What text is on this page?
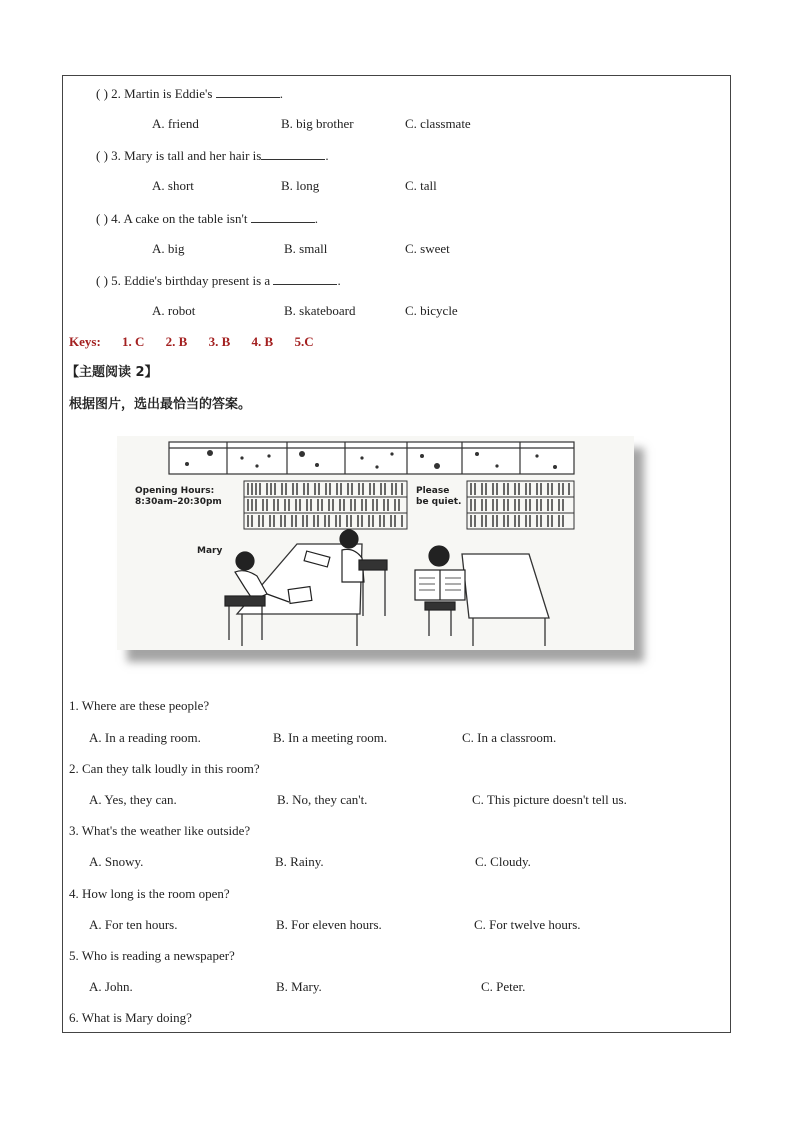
( ) 2. Martin is Eddie's	.
A. friend	B. big brother	C. classmate
( ) 3. Mary is tall and her hair is	.
A. short	B. long	C. tall
( ) 4. A cake on the table isn't	.
A. big	B. small	C. sweet
( ) 5. Eddie's birthday present is a	.
A. robot	B. skateboard	C. bicycle
Keys: 1. C 2. B 3. B 4. B 5.C
【主题阅读 2】
根据图片，选出最恰当的答案。
Opening Hours:
8:30am–20:30pm
Please
be quiet.
Mary
1. Where are these people?
A. In a reading room.	B. In a meeting room.	C. In a classroom.
2. Can they talk loudly in this room?
A. Yes, they can.	B. No, they can't.	C. This picture doesn't tell us.
3. What's the weather like outside?
A. Snowy.	B. Rainy.	C. Cloudy.
4. How long is the room open?
A. For ten hours.	B. For eleven hours.	C. For twelve hours.
5. Who is reading a newspaper?
A. John.	B. Mary.	C. Peter.
6. What is Mary doing?
